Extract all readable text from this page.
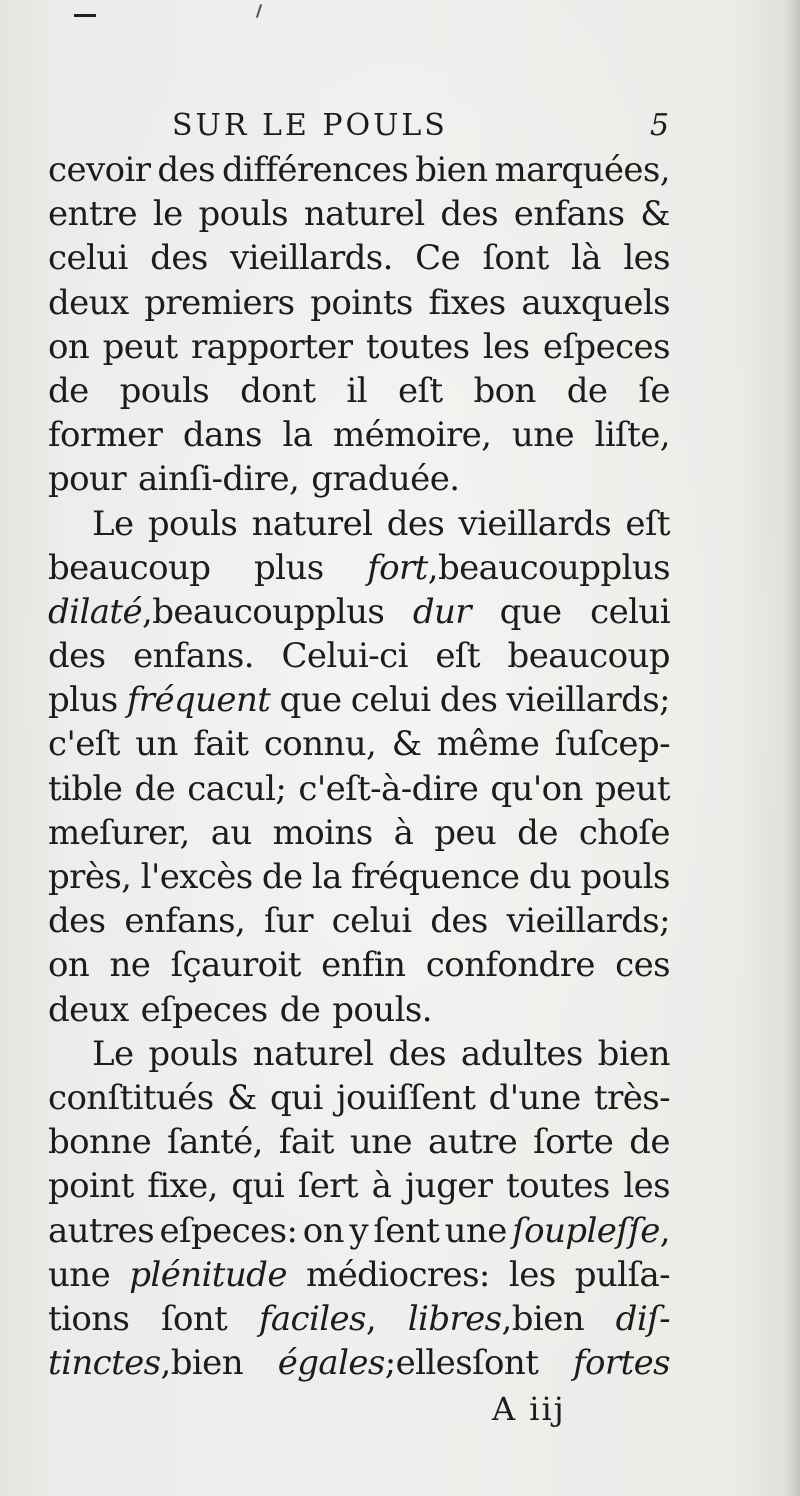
SUR LE POULS	5
cevoir des différences bien marquées,
entre le pouls naturel des enfans &
celui des vieillards. Ce ſont là les
deux premiers points fixes auxquels
on peut rapporter toutes les eſpeces
de pouls dont il eſt bon de ſe
former dans la mémoire, une liſte,
pour ainſi-dire, graduée.
Le pouls naturel des vieillards eſt
beaucoup plus fort,beaucoupplus
dilaté,beaucoupplus dur que celui
des enfans. Celui-ci eſt beaucoup
plus fréquent que celui des vieillards;
c'eſt un fait connu, & même ſuſcep-
tible de cacul; c'eſt-à-dire qu'on peut
meſurer, au moins à peu de choſe
près, l'excès de la fréquence du pouls
des enfans, ſur celui des vieillards;
on ne ſçauroit enfin confondre ces
deux eſpeces de pouls.
Le pouls naturel des adultes bien
conſtitués & qui jouiſſent d'une très-
bonne ſanté, fait une autre ſorte de
point fixe, qui ſert à juger toutes les
autres eſpeces: on y ſent une ſoupleſſe,
une plénitude médiocres: les pulſa-
tions ſont faciles, libres,bien diſ-
tinctes,bien égales;ellesſont fortes
A iij
